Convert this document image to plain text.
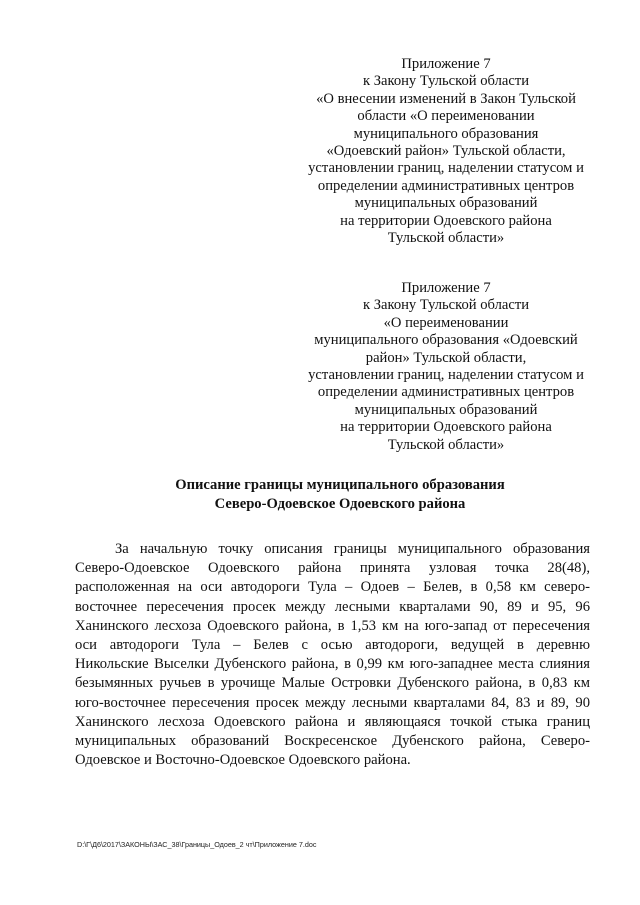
Приложение 7
к Закону Тульской области
«О внесении изменений в Закон Тульской
области «О переименовании
муниципального образования
«Одоевский район» Тульской области,
установлении границ, наделении статусом и
определении административных центров
муниципальных образований
на территории Одоевского района
Тульской области»
Приложение 7
к Закону Тульской области
«О переименовании
муниципального образования «Одоевский
район» Тульской области,
установлении границ, наделении статусом и
определении административных центров
муниципальных образований
на территории Одоевского района
Тульской области»
Описание границы муниципального образования
Северо-Одоевское Одоевского района
За начальную точку описания границы муниципального образования
Северо-Одоевское Одоевского района принята узловая точка 28(48),
расположенная на оси автодороги Тула – Одоев – Белев, в 0,58 км северо-
восточнее пересечения просек между лесными кварталами 90, 89 и 95, 96
Ханинского лесхоза Одоевского района, в 1,53 км на юго-запад от пересечения
оси автодороги Тула – Белев с осью автодороги, ведущей в деревню
Никольские Выселки Дубенского района, в 0,99 км юго-западнее места слияния
безымянных ручьев в урочище Малые Островки Дубенского района, в 0,83 км
юго-восточнее пересечения просек между лесными кварталами 84, 83 и 89, 90
Ханинского лесхоза Одоевского района и являющаяся точкой стыка границ
муниципальных образований Воскресенское Дубенского района, Северо-
Одоевское и Восточно-Одоевское Одоевского района.
D:\Г\Д6\2017\ЗАКОНЫ\ЗАС_38\Границы_Одоев_2 чт\Приложение 7.doc
